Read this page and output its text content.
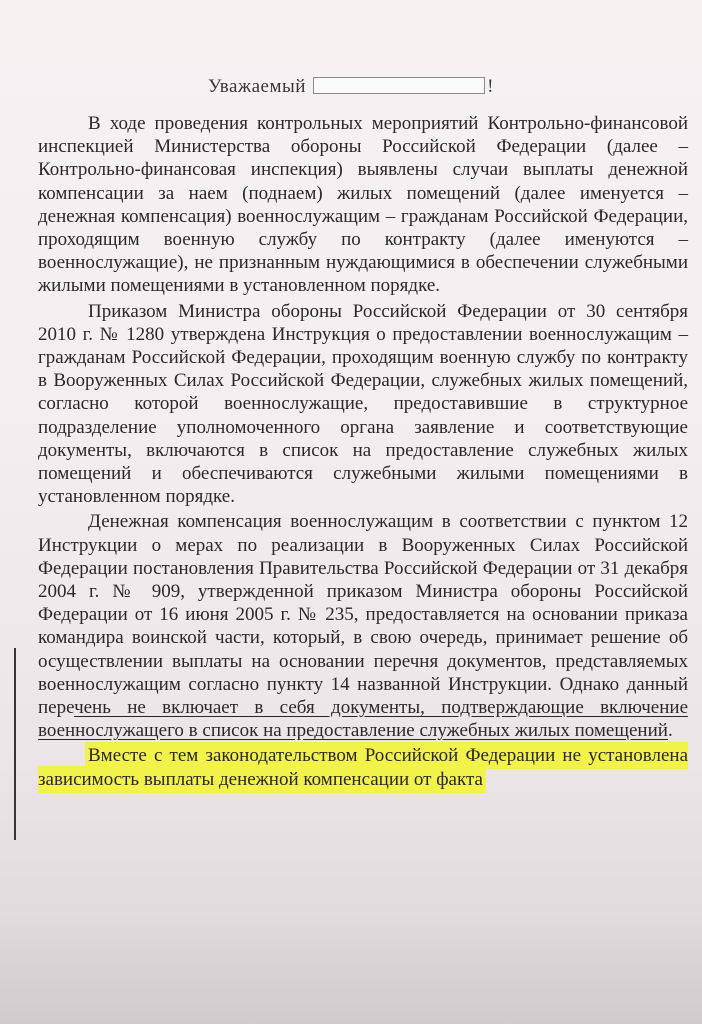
Уважаемый	!

В ходе проведения контрольных мероприятий Контрольно-финансовой инспекцией Министерства обороны Российской Федерации (далее – Контрольно-финансовая инспекция) выявлены случаи выплаты денежной компенсации за наем (поднаем) жилых помещений (далее именуется – денежная компенсация) военнослужащим – гражданам Российской Федерации, проходящим военную службу по контракту (далее именуются – военнослужащие), не признанным нуждающимися в обеспечении служебными жилыми помещениями в установленном порядке.

Приказом Министра обороны Российской Федерации от 30 сентября 2010 г. № 1280 утверждена Инструкция о предоставлении военнослужащим – гражданам Российской Федерации, проходящим военную службу по контракту в Вооруженных Силах Российской Федерации, служебных жилых помещений, согласно которой военнослужащие, предоставившие в структурное подразделение уполномоченного органа заявление и соответствующие документы, включаются в список на предоставление служебных жилых помещений и обеспечиваются служебными жилыми помещениями в установленном порядке.

Денежная компенсация военнослужащим в соответствии с пунктом 12 Инструкции о мерах по реализации в Вооруженных Силах Российской Федерации постановления Правительства Российской Федерации от 31 декабря 2004 г. № 909, утвержденной приказом Министра обороны Российской Федерации от 16 июня 2005 г. № 235, предоставляется на основании приказа командира воинской части, который, в свою очередь, принимает решение об осуществлении выплаты на основании перечня документов, представляемых военнослужащим согласно пункту 14 названной Инструкции. Однако данный перечень не включает в себя документы, подтверждающие включение военнослужащего в список на предоставление служебных жилых помещений.

Вместе с тем законодательством Российской Федерации не установлена зависимость выплаты денежной компенсации от факта
